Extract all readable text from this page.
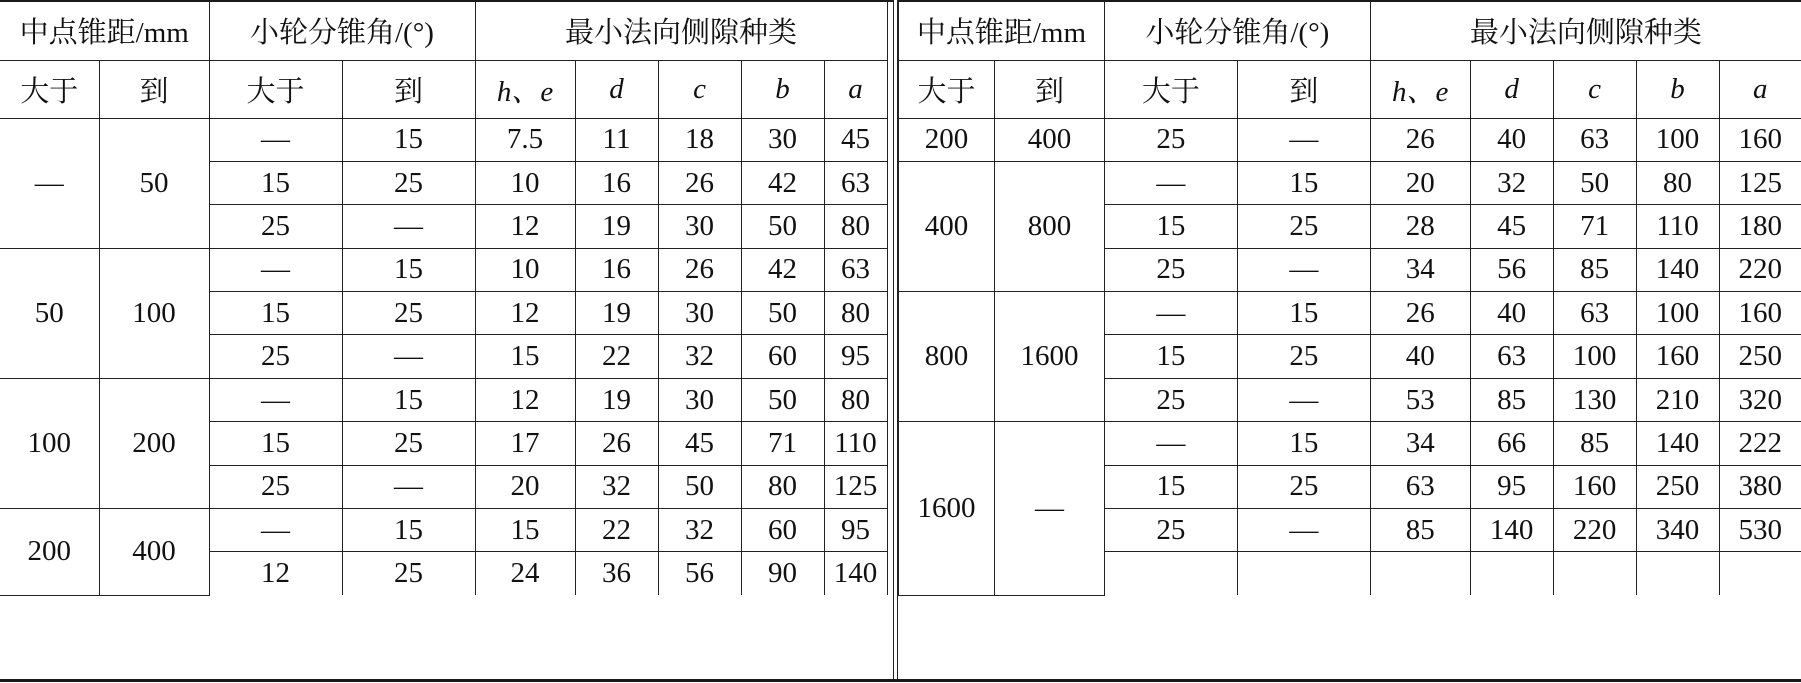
中点锥距/mm		小轮分锥角/(°)		最小法向侧隙种类				
大于	到	大于	到	h、e	d	c	b	a
—	50	—	15	7.5	11	18	30	45
		15	25	10	16	26	42	63
		25	—	12	19	30	50	80
50	100	—	15	10	16	26	42	63
		15	25	12	19	30	50	80
		25	—	15	22	32	60	95
100	200	—	15	12	19	30	50	80
		15	25	17	26	45	71	110
		25	—	20	32	50	80	125
200	400	—	15	15	22	32	60	95
		12	25	24	36	56	90	140
中点锥距/mm		小轮分锥角/(°)		最小法向侧隙种类				
大于	到	大于	到	h、e	d	c	b	a
200	400	25	—	26	40	63	100	160
400	800	—	15	20	32	50	80	125
		15	25	28	45	71	110	180
		25	—	34	56	85	140	220
800	1600	—	15	26	40	63	100	160
		15	25	40	63	100	160	250
		25	—	53	85	130	210	320
1600	—	—	15	34	66	85	140	222
		15	25	63	95	160	250	380
		25	—	85	140	220	340	530
